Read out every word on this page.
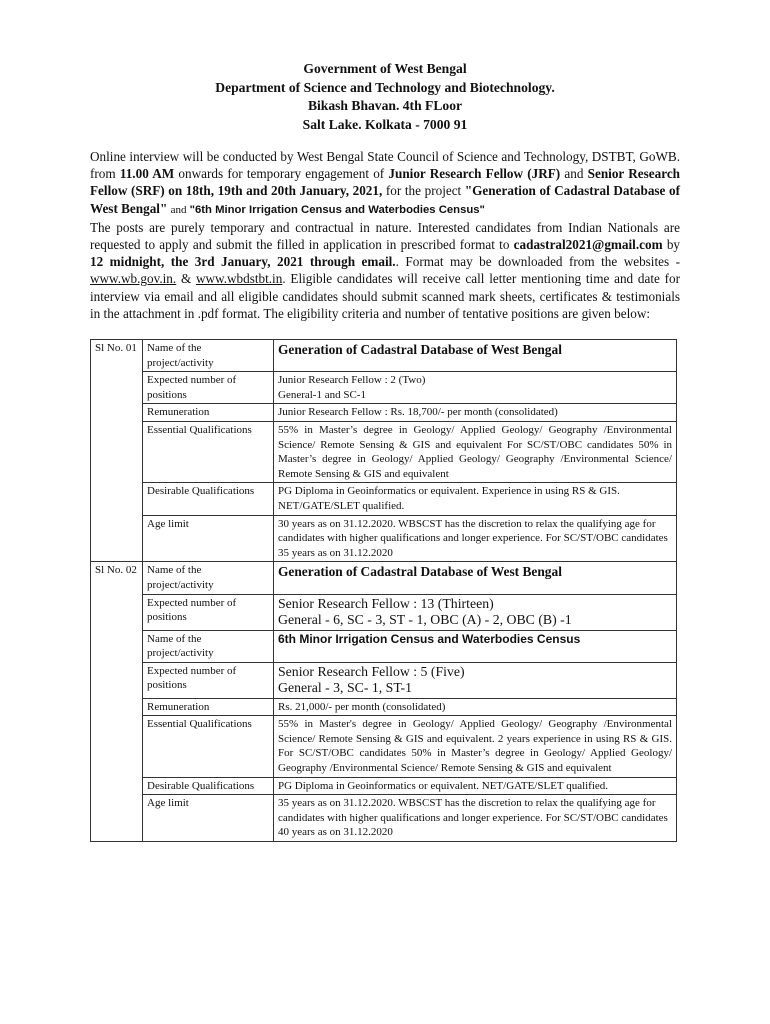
Government of West Bengal
Department of Science and Technology and Biotechnology.
Bikash Bhavan. 4th FLoor
Salt Lake. Kolkata - 7000 91

Online interview will be conducted by West Bengal State Council of Science and Technology, DSTBT, GoWB. from 11.00 AM onwards for temporary engagement of Junior Research Fellow (JRF) and Senior Research Fellow (SRF) on 18th, 19th and 20th January, 2021, for the project "Generation of Cadastral Database of West Bengal" and "6th Minor Irrigation Census and Waterbodies Census"

The posts are purely temporary and contractual in nature. Interested candidates from Indian Nationals are requested to apply and submit the filled in application in prescribed format to cadastral2021@gmail.com by 12 midnight, the 3rd January, 2021 through email.. Format may be downloaded from the websites - www.wb.gov.in. & www.wbdstbt.in. Eligible candidates will receive call letter mentioning time and date for interview via email and all eligible candidates should submit scanned mark sheets, certificates & testimonials in the attachment in .pdf format. The eligibility criteria and number of tentative positions are given below:

Sl No. 01	Name of the project/activity	Generation of Cadastral Database of West Bengal
	Expected number of positions	Junior Research Fellow : 2 (Two)
General-1 and SC-1

	Remuneration	Junior Research Fellow : Rs. 18,700/- per month (consolidated)
	Essential Qualifications	55% in Master’s degree in Geology/ Applied Geology/ Geography /Environmental Science/ Remote Sensing & GIS and equivalent For SC/ST/OBC candidates 50% in Master’s degree in Geology/ Applied Geology/ Geography /Environmental Science/ Remote Sensing & GIS and equivalent
	Desirable Qualifications	PG Diploma in Geoinformatics or equivalent. Experience in using RS & GIS. NET/GATE/SLET qualified.
	Age limit	30 years as on 31.12.2020. WBSCST has the discretion to relax the qualifying age for candidates with higher qualifications and longer experience. For SC/ST/OBC candidates 35 years as on 31.12.2020
Sl No. 02	Name of the project/activity	Generation of Cadastral Database of West Bengal
	Expected number of positions	Senior Research Fellow : 13 (Thirteen)
General - 6, SC - 3, ST - 1, OBC (A) - 2, OBC (B) -1

	Name of the project/activity	6th Minor Irrigation Census and Waterbodies Census
	Expected number of positions	Senior Research Fellow : 5 (Five)
General - 3, SC- 1, ST-1

	Remuneration	Rs. 21,000/- per month (consolidated)
	Essential Qualifications	55% in Master's degree in Geology/ Applied Geology/ Geography /Environmental Science/ Remote Sensing & GIS and equivalent. 2 years experience in using RS & GIS. For SC/ST/OBC candidates 50% in Master’s degree in Geology/ Applied Geology/ Geography /Environmental Science/ Remote Sensing & GIS and equivalent
	Desirable Qualifications	PG Diploma in Geoinformatics or equivalent. NET/GATE/SLET qualified.
	Age limit	35 years as on 31.12.2020. WBSCST has the discretion to relax the qualifying age for candidates with higher qualifications and longer experience. For SC/ST/OBC candidates 40 years as on 31.12.2020
